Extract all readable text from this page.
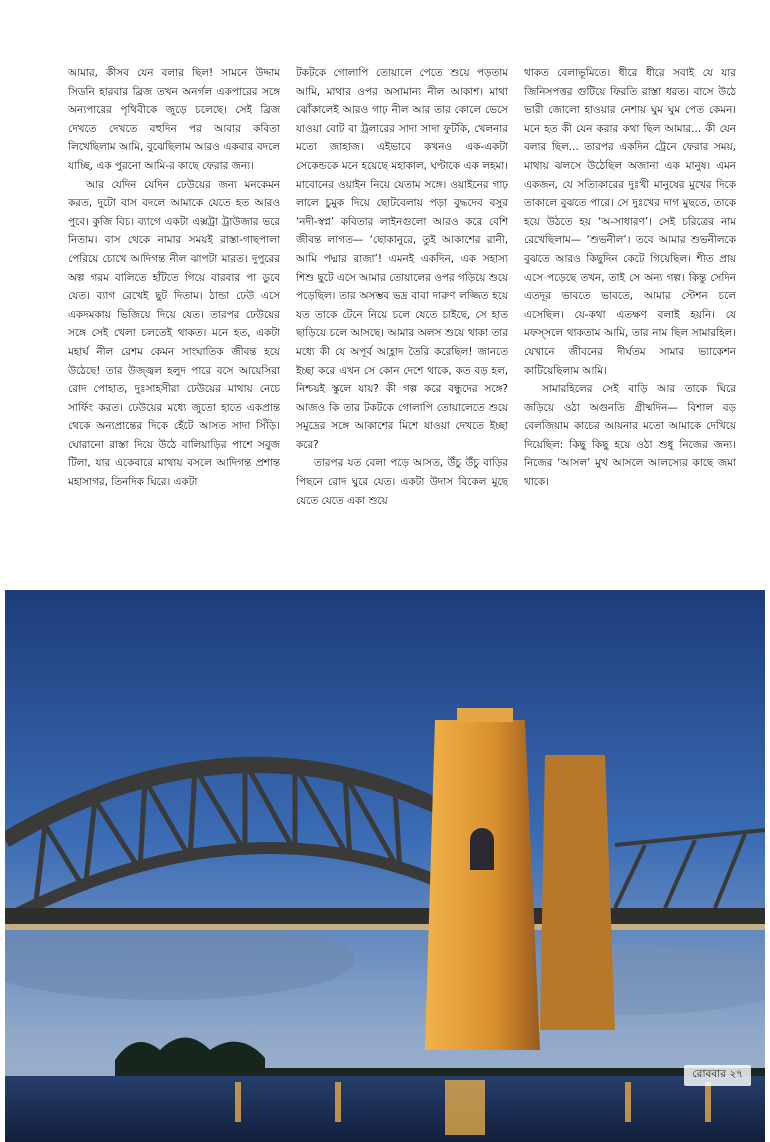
আমার, কীসব যেন বলার ছিল! সামনে উদ্দাম সিডনি হারবার ব্রিজ তখন অনর্গল একপারের সঙ্গে অন্যপারের পৃথিবীকে জুড়ে চলেছে। সেই ব্রিজ দেখতে দেখতে বহুদিন পর আবার কবিতা লিখেছিলাম আমি, বুঝেছিলাম আরও একবার বদলে যাচ্ছি, এক পুরনো আমি-র কাছে ফেরার জন্য।

আর যেদিন যেদিন ঢেউয়ের জন্য মনকেমন করত, দুটো বাস বদলে আমাকে যেতে হত আরও পুবে। কুজি বিচ। ব্যাগে একটা এক্সট্রা ট্রাউজার ভরে নিতাম। বাস থেকে নামার সময়ই রাস্তা-গাছপালা পেরিয়ে চোখে আদিগন্ত নীল ঝাপটা মারত। দুপুরের অল্প গরম বালিতে হাঁটতে গিয়ে বারবার পা ডুবে যেত। ব্যাগ রেখেই ছুট দিতাম। ঠান্ডা ঢেউ এসে একদমকায় ভিজিয়ে দিয়ে যেত। তারপর ঢেউয়ের সঙ্গে সেই খেলা চলতেই থাকত। মনে হত, একটা মহার্ঘ নীল রেশম কেমন সাংঘাতিক জীবন্ত হয়ে উঠেছে! তার উজ্জ্বল হলুদ পারে বসে আয়েসিরা রোদ পোহাত, দুঃসাহসীরা ঢেউয়ের মাথায় নেচে সার্ফিং করত। ঢেউয়ের মধ্যে জুতো হাতে একপ্রান্ত থেকে অন্যপ্রান্তের দিকে হেঁটে আসত সাদা সিঁড়ি। ঘোরানো রাস্তা দিয়ে উঠে বালিয়াড়ির পাশে সবুজ টিলা, যার একেবারে মাথায় বসলে আদিগন্ত প্রশান্ত মহাসাগর, তিনদিক ঘিরে। একটা

টকটকে গোলাপি তোয়ালে পেতে শুয়ে পড়তাম আমি, মাথার ওপর অসামান্য নীল আকাশ। মাথা ঝোঁকালেই আরও গাঢ় নীল আর তার কোলে ভেসে যাওয়া বোট বা ট্রলারের সাদা সাদা ফুটকি, খেলনার মতো জাহাজ। এইভাবে কখনও এক-একটা সেকেন্ডকে মনে হয়েছে মহাকাল, ঘণ্টাকে এক লহমা। মাবোনের ওয়াইন নিয়ে যেতাম সঙ্গে। ওয়াইনের গাঢ় লালে চুমুক দিয়ে ছোটবেলায় পড়া বুদ্ধদেব বসুর ‘নদী-স্বপ্ন’ কবিতার লাইনগুলো আরও করে বেশি জীবন্ত লাগত— ‘ছোকানুরে, তুই আকাশের রানী, আমি পদ্মার রাজা’! এমনই একদিন, এক সহাস্য শিশু ছুটে এসে আমার তোয়ালের ওপর গড়িয়ে শুয়ে পড়েছিল। তার অসম্ভব ভদ্র বাবা দারুণ লজ্জিত হয়ে যত তাকে টেনে নিয়ে চলে যেতে চাইছে, সে হাত ছাড়িয়ে চলে আসছে। আমার অলস শুয়ে থাকা তার মধ্যে কী যে অপূর্ব আহ্লাদ তৈরি করেছিল! জানতে ইচ্ছা করে এখন সে কোন দেশে থাকে, কত বড় হল, নিশ্চয়ই স্কুলে যায়? কী গল্প করে বন্ধুদের সঙ্গে? আজও কি তার টকটকে গোলাপি তোয়ালেতে শুয়ে সমুদ্রের সঙ্গে আকাশের মিশে যাওয়া দেখতে ইচ্ছা করে?

তারপর যত বেলা পড়ে আসত, উঁচু উঁচু বাড়ির পিছনে রোদ ঘুরে যেত। একটা উদাস বিকেল মুছে যেতে যেতে একা শুয়ে

থাকত বেলাভূমিতে। ধীরে ধীরে সবাই যে যার জিনিসপত্তর গুটিয়ে ফিরতি রাস্তা ধরত। বাসে উঠে ভারী জোলো হাওয়ার নেশায় ঘুম ঘুম পেত কেমন। মনে হত কী যেন করার কথা ছিল আমার... কী যেন বলার ছিল... তারপর একদিন ট্রেনে ফেরার সময়, মাথায় ঝলসে উঠেছিল অজানা এক মানুষ। এমন একজন, যে সত্যিকারের দুঃখী মানুষের মুখের দিকে তাকালে বুঝতে পারে। সে দুঃখের দাগ মুছতে, তাকে হয়ে উঠতে হয় ‘অ-সাধারণ’। সেই চরিত্রের নাম রেখেছিলাম— ‘শুভনীল’। তবে আমার শুভনীলকে বুঝতে আরও কিছুদিন কেটে গিয়েছিল। শীত প্রায় এসে পড়েছে তখন, তাই সে অন্য গল্প। কিন্তু সেদিন এতদূর ভাবতে ভাবতে, আমার স্টেশন চলে এসেছিল। যে-কথা এতক্ষণ বলাই হয়নি। যে মফস্সলে থাকতাম আমি, তার নাম ছিল সামারহিল। যেখানে জীবনের দীর্ঘতম সামার ভ্যাকেশন কাটিয়েছিলাম আমি।

সামারহিলের সেই বাড়ি আর তাকে ঘিরে জড়িয়ে ওঠা অগুনতি গ্রীষ্মদিন— বিশাল বড় বেলজিয়াম কাচের আয়নার মতো আমাকে দেখিয়ে দিয়েছিল: কিছু কিছু হয়ে ওঠা শুধু নিজের জন্য। নিজের ‘আসল’ মুখ আসলে আলস্যের কাছে জমা থাকে।

রোববার ২৭
